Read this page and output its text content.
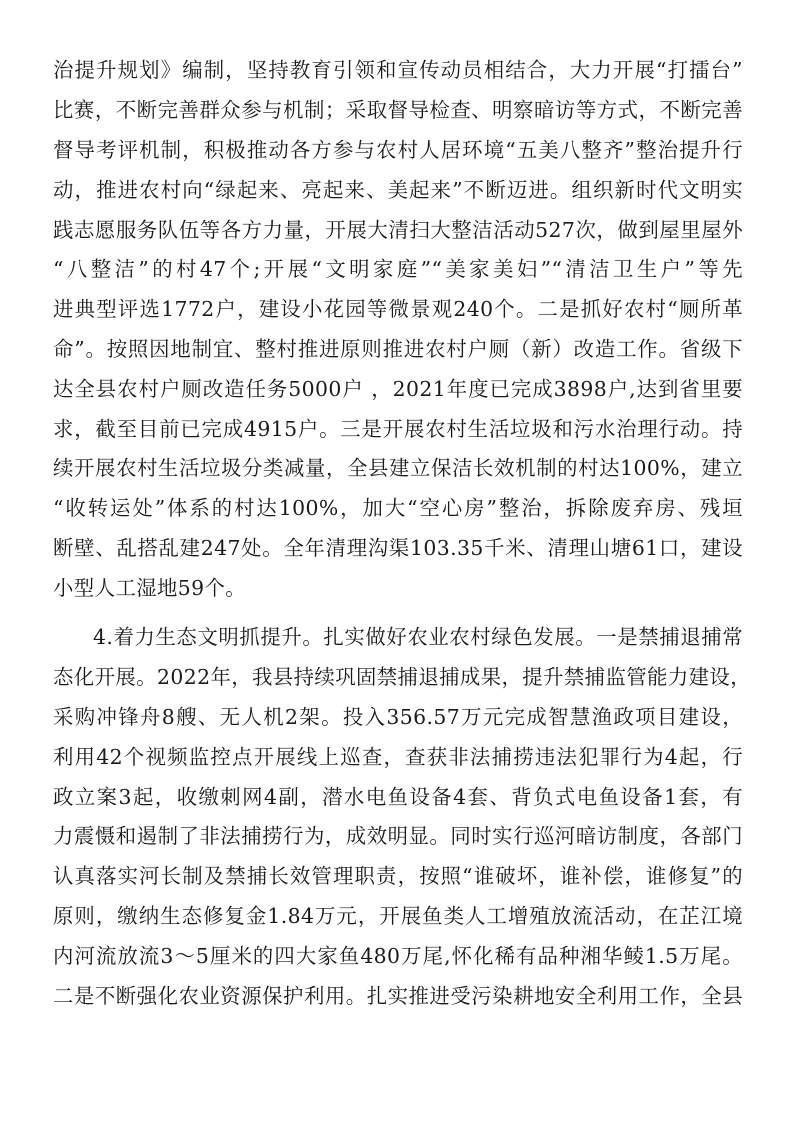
治提升规划》编制，坚持教育引领和宣传动员相结合，大力开展“打擂台”
比赛，不断完善群众参与机制；采取督导检查、明察暗访等方式，不断完善
督导考评机制，积极推动各方参与农村人居环境“五美八整齐”整治提升行
动，推进农村向“绿起来、亮起来、美起来”不断迈进。组织新时代文明实
践志愿服务队伍等各方力量，开展大清扫大整洁活动527次，做到屋里屋外
“八整洁”的村47个;开展“文明家庭”“美家美妇”“清洁卫生户”等先
进典型评选1772户，建设小花园等微景观240个。二是抓好农村“厕所革
命”。按照因地制宜、整村推进原则推进农村户厕（新）改造工作。省级下
达全县农村户厕改造任务5000户 ，2021年度已完成3898户,达到省里要
求，截至目前已完成4915户。三是开展农村生活垃圾和污水治理行动。持
续开展农村生活垃圾分类减量，全县建立保洁长效机制的村达100%，建立
“收转运处”体系的村达100%，加大“空心房”整治，拆除废弃房、残垣
断壁、乱搭乱建247处。全年清理沟渠103.35千米、清理山塘61口，建设
小型人工湿地59个。
4.着力生态文明抓提升。扎实做好农业农村绿色发展。一是禁捕退捕常
态化开展。2022年，我县持续巩固禁捕退捕成果，提升禁捕监管能力建设，
采购冲锋舟8艘、无人机2架。投入356.57万元完成智慧渔政项目建设，
利用42个视频监控点开展线上巡查，查获非法捕捞违法犯罪行为4起，行
政立案3起，收缴刺网4副，潜水电鱼设备4套、背负式电鱼设备1套，有
力震慑和遏制了非法捕捞行为，成效明显。同时实行巡河暗访制度，各部门
认真落实河长制及禁捕长效管理职责，按照“谁破坏，谁补偿，谁修复”的
原则，缴纳生态修复金1.84万元，开展鱼类人工增殖放流活动，在芷江境
内河流放流3～5厘米的四大家鱼480万尾,怀化稀有品种湘华鲮1.5万尾。
二是不断强化农业资源保护利用。扎实推进受污染耕地安全利用工作，全县
